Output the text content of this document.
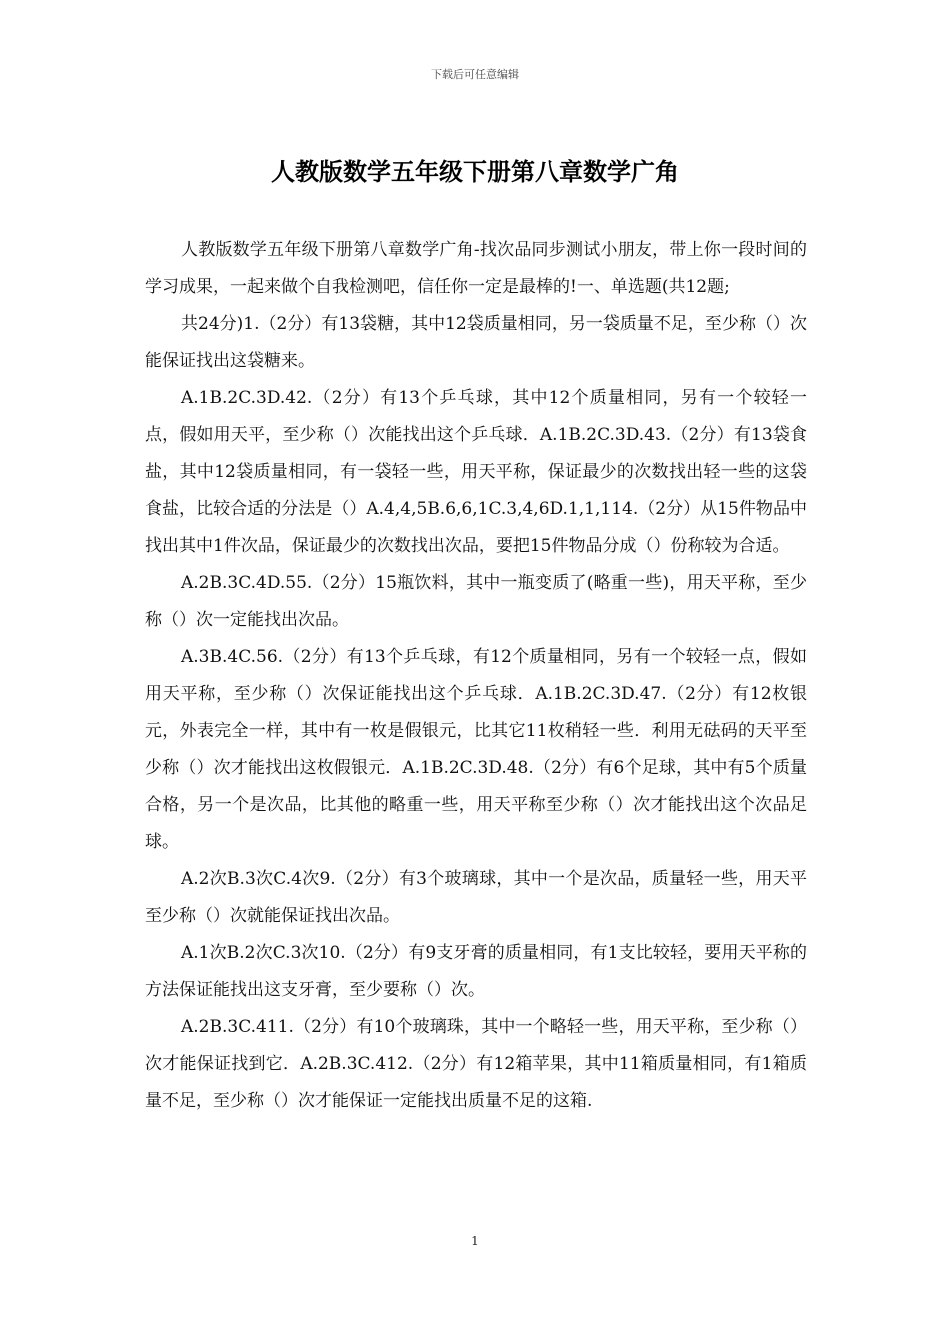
下载后可任意编辑
人教版数学五年级下册第八章数学广角

人教版数学五年级下册第八章数学广角-找次品同步测试小朋友，带上你一段时间的学习成果，一起来做个自我检测吧，信任你一定是最棒的!一、单选题(共12题;

共24分)1.（2分）有13袋糖，其中12袋质量相同，另一袋质量不足，至少称（）次能保证找出这袋糖来。

A.1B.2C.3D.42.（2分）有13个乒乓球，其中12个质量相同，另有一个较轻一点，假如用天平，至少称（）次能找出这个乒乓球．A.1B.2C.3D.43.（2分）有13袋食盐，其中12袋质量相同，有一袋轻一些，用天平称，保证最少的次数找出轻一些的这袋食盐，比较合适的分法是（）A.4,4,5B.6,6,1C.3,4,6D.1,1,114.（2分）从15件物品中找出其中1件次品，保证最少的次数找出次品，要把15件物品分成（）份称较为合适。

A.2B.3C.4D.55.（2分）15瓶饮料，其中一瓶变质了(略重一些)，用天平称，至少称（）次一定能找出次品。

A.3B.4C.56.（2分）有13个乒乓球，有12个质量相同，另有一个较轻一点，假如用天平称，至少称（）次保证能找出这个乒乓球．A.1B.2C.3D.47.（2分）有12枚银元，外表完全一样，其中有一枚是假银元，比其它11枚稍轻一些．利用无砝码的天平至少称（）次才能找出这枚假银元．A.1B.2C.3D.48.（2分）有6个足球，其中有5个质量合格，另一个是次品，比其他的略重一些，用天平称至少称（）次才能找出这个次品足球。

A.2次B.3次C.4次9.（2分）有3个玻璃球，其中一个是次品，质量轻一些，用天平至少称（）次就能保证找出次品。

A.1次B.2次C.3次10.（2分）有9支牙膏的质量相同，有1支比较轻，要用天平称的方法保证能找出这支牙膏，至少要称（）次。

A.2B.3C.411.（2分）有10个玻璃珠，其中一个略轻一些，用天平称，至少称（）次才能保证找到它．A.2B.3C.412.（2分）有12箱苹果，其中11箱质量相同，有1箱质量不足，至少称（）次才能保证一定能找出质量不足的这箱.

1
